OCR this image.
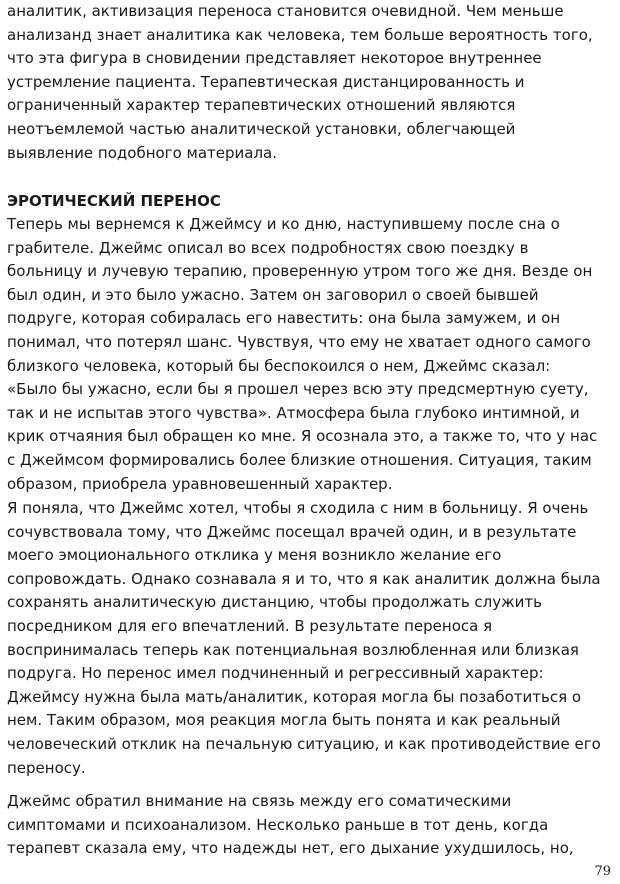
аналитик, активизация переноса становится очевидной. Чем меньше
анализанд знает аналитика как человека, тем больше вероятность того,
что эта фигура в сновидении представляет некоторое внутреннее
устремление пациента. Терапевтическая дистанцированность и
ограниченный характер терапевтических отношений являются
неотъемлемой частью аналитической установки, облегчающей
выявление подобного материала.

ЭРОТИЧЕСКИЙ ПЕРЕНОС

Теперь мы вернемся к Джеймсу и ко дню, наступившему после сна о
грабителе. Джеймс описал во всех подробностях свою поездку в
больницу и лучевую терапию, проверенную утром того же дня. Везде он
был один, и это было ужасно. Затем он заговорил о своей бывшей
подруге, которая собиралась его навестить: она была замужем, и он
понимал, что потерял шанс. Чувствуя, что ему не хватает одного самого
близкого человека, который бы беспокоился о нем, Джеймс сказал:
«Было бы ужасно, если бы я прошел через всю эту предсмертную суету,
так и не испытав этого чувства». Атмосфера была глубоко интимной, и
крик отчаяния был обращен ко мне. Я осознала это, а также то, что у нас
с Джеймсом формировались более близкие отношения. Ситуация, таким
образом, приобрела уравновешенный характер.

Я поняла, что Джеймс хотел, чтобы я сходила с ним в больницу. Я очень
сочувствовала тому, что Джеймс посещал врачей один, и в результате
моего эмоционального отклика у меня возникло желание его
сопровождать. Однако сознавала я и то, что я как аналитик должна была
сохранять аналитическую дистанцию, чтобы продолжать служить
посредником для его впечатлений. В результате переноса я
воспринималась теперь как потенциальная возлюбленная или близкая
подруга. Но перенос имел подчиненный и регрессивный характер:
Джеймсу нужна была мать/аналитик, которая могла бы позаботиться о
нем. Таким образом, моя реакция могла быть понята и как реальный
человеческий отклик на печальную ситуацию, и как противодействие его
переносу.

Джеймс обратил внимание на связь между его соматическими
симптомами и психоанализом. Несколько раньше в тот день, когда
терапевт сказала ему, что надежды нет, его дыхание ухудшилось, но,

79
